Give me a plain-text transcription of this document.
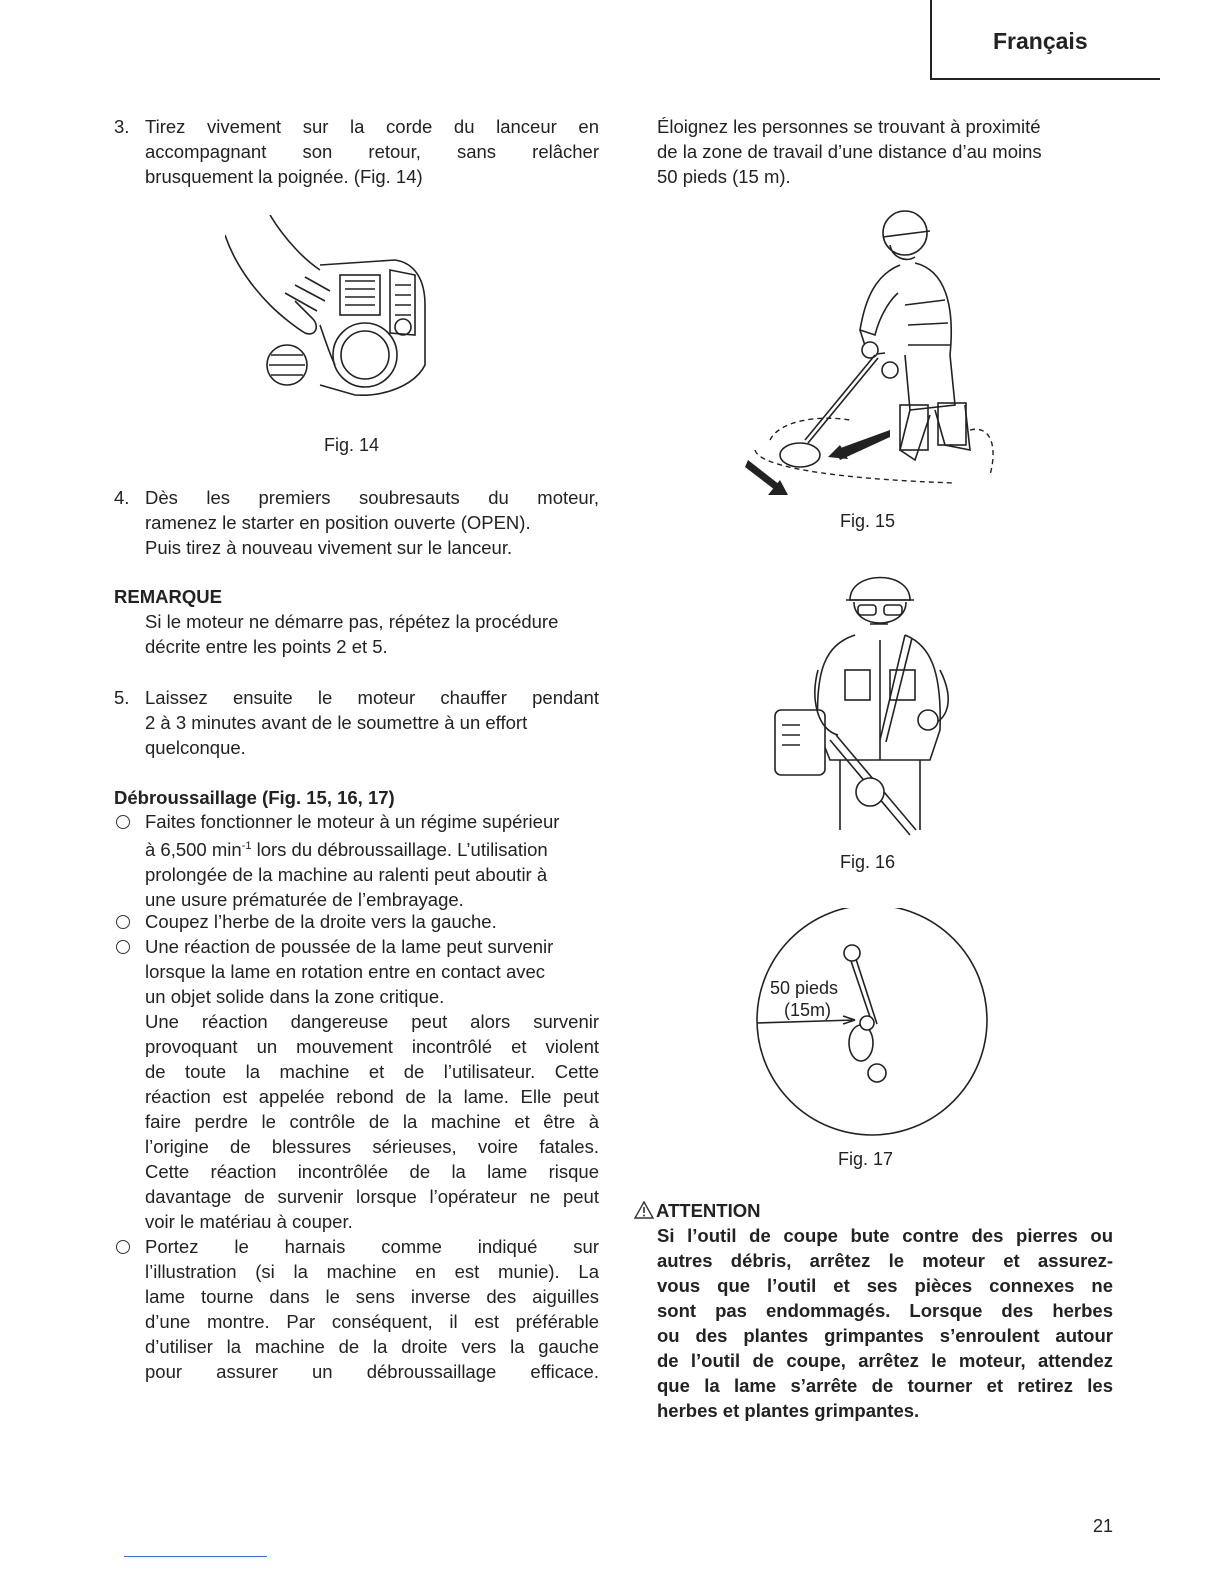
Français
3. Tirez vivement sur la corde du lanceur en
accompagnant son retour, sans relâcher
brusquement la poignée. (Fig. 14)
Fig. 14
4. Dès les premiers soubresauts du moteur,
ramenez le starter en position ouverte (OPEN).
Puis tirez à nouveau vivement sur le lanceur.
REMARQUE
Si le moteur ne démarre pas, répétez la procédure
décrite entre les points 2 et 5.
5. Laissez ensuite le moteur chauffer pendant
2 à 3 minutes avant de le soumettre à un effort
quelconque.
Débroussaillage (Fig. 15, 16, 17)
Faites fonctionner le moteur à un régime supérieur
à 6,500 $\min^{-1}$ lors du débroussaillage. L’utilisation
prolongée de la machine au ralenti peut aboutir à
une usure prématurée de l’embrayage.
Coupez l’herbe de la droite vers la gauche.
Une réaction de poussée de la lame peut survenir
lorsque la lame en rotation entre en contact avec
un objet solide dans la zone critique.
Une réaction dangereuse peut alors survenir
provoquant un mouvement incontrôlé et violent
de toute la machine et de l’utilisateur. Cette
réaction est appelée rebond de la lame. Elle peut
faire perdre le contrôle de la machine et être à
l’origine de blessures sérieuses, voire fatales.
Cette réaction incontrôlée de la lame risque
davantage de survenir lorsque l’opérateur ne peut
voir le matériau à couper.
Portez le harnais comme indiqué sur
l’illustration (si la machine en est munie). La
lame tourne dans le sens inverse des aiguilles
d’une montre. Par conséquent, il est préférable
d’utiliser la machine de la droite vers la gauche
pour assurer un débroussaillage efficace.
Éloignez les personnes se trouvant à proximité
de la zone de travail d’une distance d’au moins
50 pieds (15 m).
Fig. 15
Fig. 16
50 pieds
(15m)
Fig. 17
ATTENTION
Si l’outil de coupe bute contre des pierres ou
autres débris, arrêtez le moteur et assurez-
vous que l’outil et ses pièces connexes ne
sont pas endommagés. Lorsque des herbes
ou des plantes grimpantes s’enroulent autour
de l’outil de coupe, arrêtez le moteur, attendez
que la lame s’arrête de tourner et retirez les
herbes et plantes grimpantes.
21
